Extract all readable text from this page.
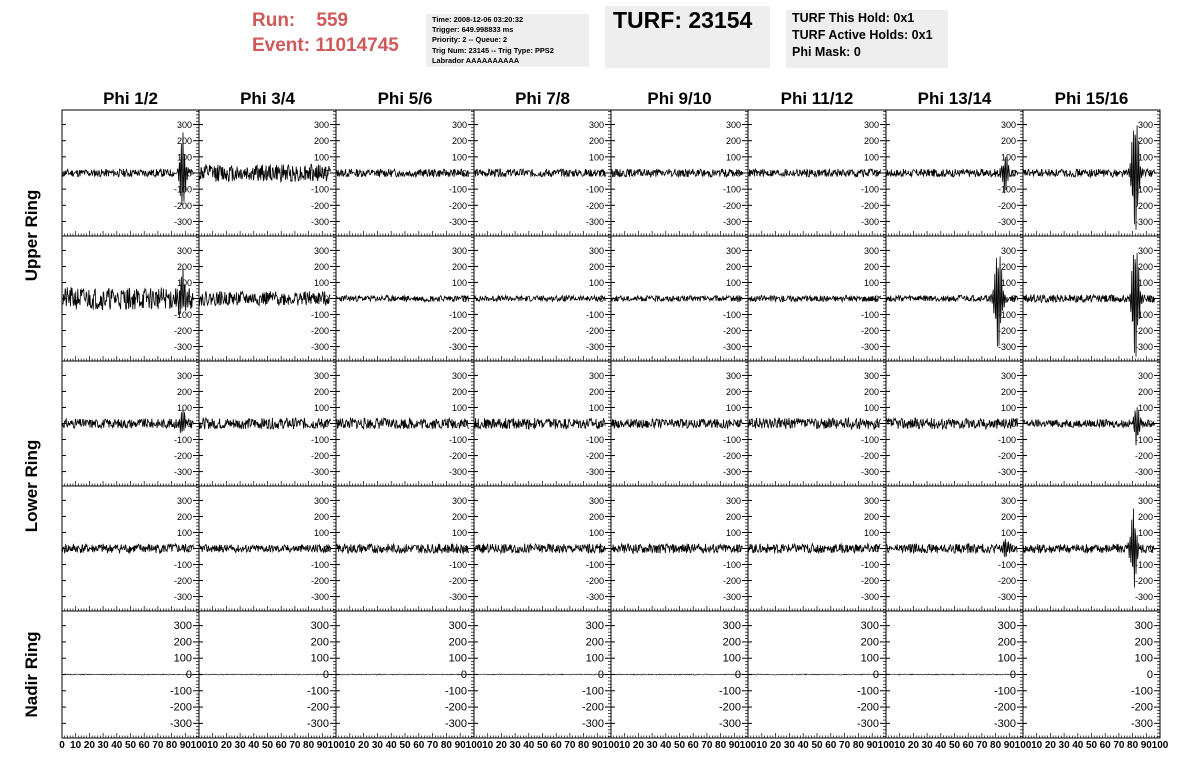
Run: 559
Event: 11014745
Time: 2008-12-06 03:20:32
Trigger: 649.998833 ms
Priority: 2 -- Queue: 2
Trig Num: 23145 -- Trig Type: PPS2
Labrador AAAAAAAAAA
TURF: 23154	TURF This Hold: 0x1
TURF Active Holds: 0x1
Phi Mask: 0
Phi 1/2	Phi 3/4	Phi 5/6	Phi 7/8	Phi 9/10	Phi 11/12	Phi 13/14	Phi 15/16
Upper Ring
Lower Ring
Nadir Ring
-300
-200
-100
0
100
200
300
-300
-200
-100
0
100
200
300
-300
-200
-100
0
100
200
300
-300
-200
-100
0
100
200
300
-300
-200
-100
0
100
200
300
-300
-200
-100
0
100
200
300
-300
-200
-100
0
100
200
300
-300
-200
-100
0
100
200
300
-300
-200
-100
0
100
200
300
-300
-200
-100
0
100
200
300
-300
-200
-100
0
100
200
300
-300
-200
-100
0
100
200
300
-300
-200
-100
0
100
200
300
-300
-200
-100
0
100
200
300
-300
-200
-100
0
100
200
300
-300
-200
-100
0
100
200
300
-300
-200
-100
0
100
200
300
-300
-200
-100
0
100
200
300
-300
-200
-100
0
100
200
300
-300
-200
-100
0
100
200
300
-300
-200
-100
0
100
200
300
-300
-200
-100
0
100
200
300
-300
-200
-100
0
100
200
300
-300
-200
-100
0
100
200
300
-300
-200
-100
0
100
200
300
-300
-200
-100
0
100
200
300
-300
-200
-100
0
100
200
300
-300
-200
-100
0
100
200
300
-300
-200
-100
0
100
200
300
-300
-200
-100
0
100
200
300
-300
-200
-100
0
100
200
300
-300
-200
-100
0
100
200
300
-300
-200
-100
0
100
200
300
-300
-200
-100
0
100
200
300
-300
-200
-100
0
100
200
300
-300
-200
-100
0
100
200
300
-300
-200
-100
0
100
200
300
-300
-200
-100
0
100
200
300
-300
-200
-100
0
100
200
300
-300
-200
-100
0
100
200
300
0 10 20 30 40 50 60 70 80 90 100 10 20 30 40 50 60 70 80 90 100 10 20 30 40 50 60 70 80 90 100 10 20 30 40 50 60 70 80 90 100 10 20 30 40 50 60 70 80 90 100 10 20 30 40 50 60 70 80 90 100 10 20 30 40 50 60 70 80 90 100 10 20 30 40 50 60 70 80 90 100
